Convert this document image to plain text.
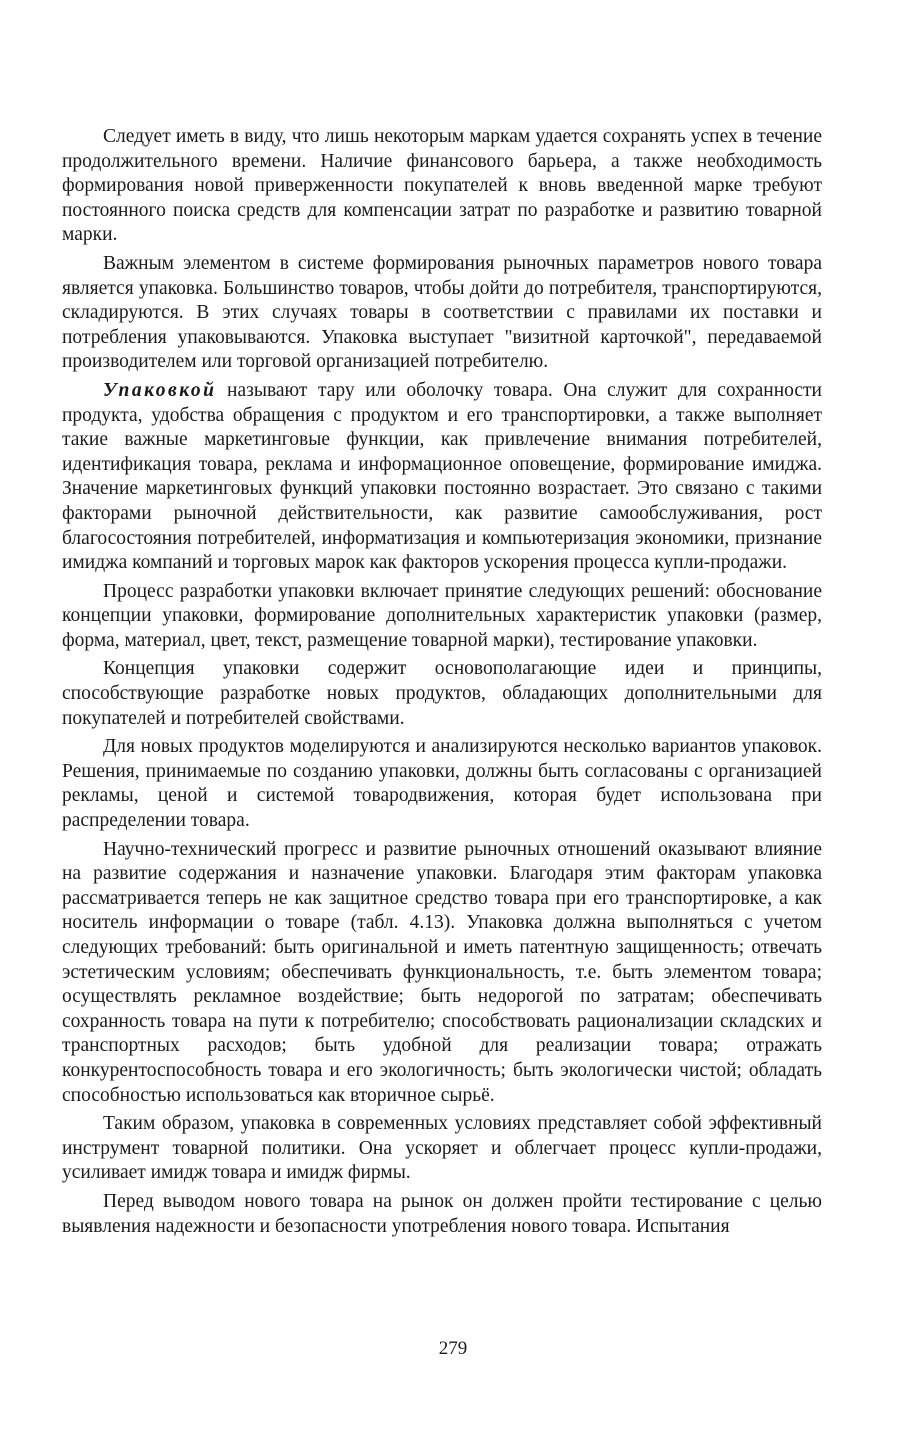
Следует иметь в виду, что лишь некоторым маркам удается сохранять успех в течение продолжительного времени. Наличие финансового барьера, а также необходимость формирования новой приверженности покупателей к вновь введенной марке требуют постоянного поиска средств для компенсации затрат по разработке и развитию товарной марки.

Важным элементом в системе формирования рыночных параметров нового товара является упаковка. Большинство товаров, чтобы дойти до потребителя, транспортируются, складируются. В этих случаях товары в соответствии с правилами их поставки и потребления упаковываются. Упаковка выступает "визитной карточкой", передаваемой производителем или торговой организацией потребителю.

Упаковкой называют тару или оболочку товара. Она служит для сохранности продукта, удобства обращения с продуктом и его транспортировки, а также выполняет такие важные маркетинговые функции, как привлечение внимания потребителей, идентификация товара, реклама и информационное оповещение, формирование имиджа. Значение маркетинговых функций упаковки постоянно возрастает. Это связано с такими факторами рыночной действительности, как развитие самообслуживания, рост благосостояния потребителей, информатизация и компьютеризация экономики, признание имиджа компаний и торговых марок как факторов ускорения процесса купли-продажи.

Процесс разработки упаковки включает принятие следующих решений: обоснование концепции упаковки, формирование дополнительных характеристик упаковки (размер, форма, материал, цвет, текст, размещение товарной марки), тестирование упаковки.

Концепция упаковки содержит основополагающие идеи и принципы, способствующие разработке новых продуктов, обладающих дополнительными для покупателей и потребителей свойствами.

Для новых продуктов моделируются и анализируются несколько вариантов упаковок. Решения, принимаемые по созданию упаковки, должны быть согласованы с организацией рекламы, ценой и системой товародвижения, которая будет использована при распределении товара.

Научно-технический прогресс и развитие рыночных отношений оказывают влияние на развитие содержания и назначение упаковки. Благодаря этим факторам упаковка рассматривается теперь не как защитное средство товара при его транспортировке, а как носитель информации о товаре (табл. 4.13). Упаковка должна выполняться с учетом следующих требований: быть оригинальной и иметь патентную защищенность; отвечать эстетическим условиям; обеспечивать функциональность, т.е. быть элементом товара; осуществлять рекламное воздействие; быть недорогой по затратам; обеспечивать сохранность товара на пути к потребителю; способствовать рационализации складских и транспортных расходов; быть удобной для реализации товара; отражать конкурентоспособность товара и его экологичность; быть экологически чистой; обладать способностью использоваться как вторичное сырьё.

Таким образом, упаковка в современных условиях представляет собой эффективный инструмент товарной политики. Она ускоряет и облегчает процесс купли-продажи, усиливает имидж товара и имидж фирмы.

Перед выводом нового товара на рынок он должен пройти тестирование с целью выявления надежности и безопасности употребления нового товара. Испытания

279
